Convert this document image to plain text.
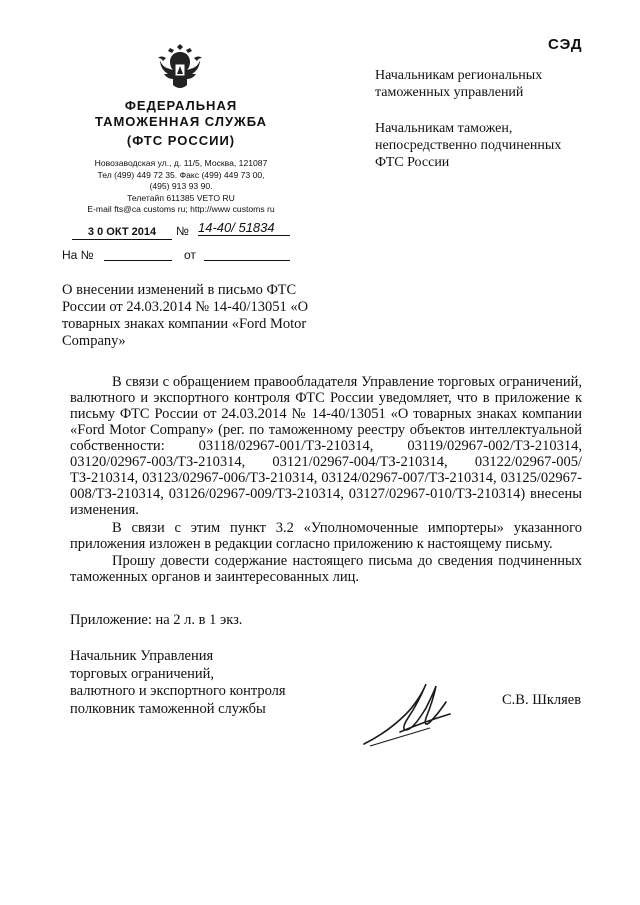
СЭД
ФЕДЕРАЛЬНАЯ
ТАМОЖЕННАЯ СЛУЖБА
(ФТС РОССИИ)
Новозаводская ул., д. 11/5, Москва, 121087
Тел (499) 449 72 35. Факс (499) 449 73 00,
(495) 913 93 90.
Телетайп 611385 VETO RU
E-mail fts@ca customs ru; http://www customs ru
3 0 ОКТ 2014	№ 14-40/ 51834
На №	от
Начальникам региональных таможенных управлений
Начальникам таможен, непосредственно подчиненных ФТС России
О внесении изменений в письмо ФТС России от 24.03.2014 № 14-40/13051 «О товарных знаках компании «Ford Motor Company»
В связи с обращением правообладателя Управление торговых ограничений, валютного и экспортного контроля ФТС России уведомляет, что в приложение к письму ФТС России от 24.03.2014 № 14-40/13051 «О товарных знаках компании «Ford Motor Company» (рег. по таможенному реестру объектов интеллектуальной собственности: 03118/02967-001/ТЗ-210314, 03119/02967-002/ТЗ-210314, 03120/02967-003/ТЗ-210314, 03121/02967-004/ТЗ-210314, 03122/02967-005/ТЗ-210314, 03123/02967-006/ТЗ-210314, 03124/02967-007/ТЗ-210314, 03125/02967-008/ТЗ-210314, 03126/02967-009/ТЗ-210314, 03127/02967-010/ТЗ-210314) внесены изменения.
В связи с этим пункт 3.2 «Уполномоченные импортеры» указанного приложения изложен в редакции согласно приложению к настоящему письму.
Прошу довести содержание настоящего письма до сведения подчиненных таможенных органов и заинтересованных лиц.
Приложение: на 2 л. в 1 экз.
Начальник Управления
торговых ограничений,
валютного и экспортного контроля
полковник таможенной службы
С.В. Шкляев
